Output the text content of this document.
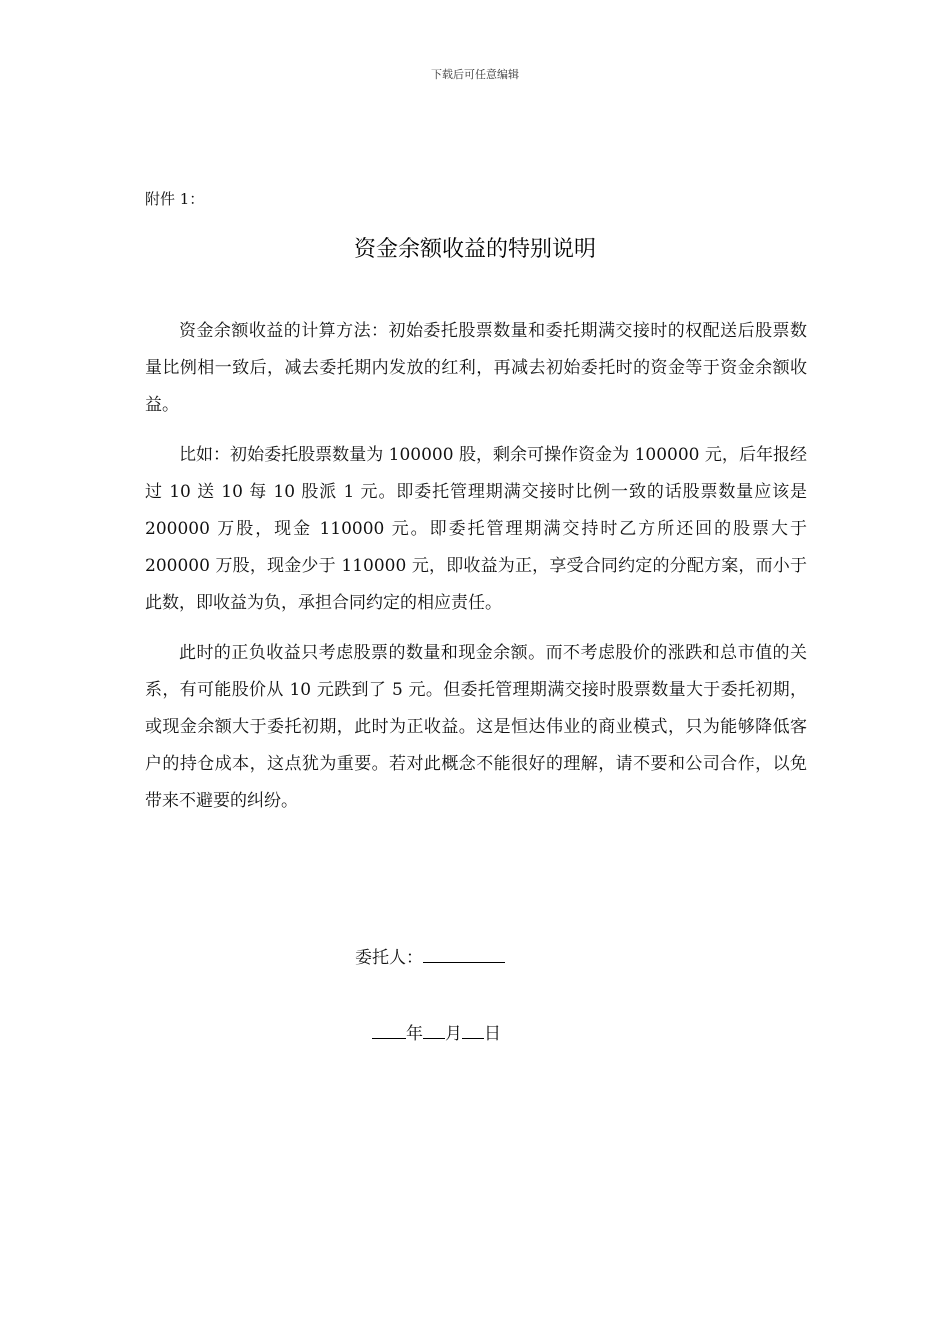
下载后可任意编辑
附件 1：
资金余额收益的特别说明

资金余额收益的计算方法：初始委托股票数量和委托期满交接时的权配送后股票数量比例相一致后，减去委托期内发放的红利，再减去初始委托时的资金等于资金余额收益。

比如：初始委托股票数量为 100000 股，剩余可操作资金为 100000 元，后年报经过 10 送 10 每 10 股派 1 元。即委托管理期满交接时比例一致的话股票数量应该是 200000 万股，现金 110000 元。即委托管理期满交持时乙方所还回的股票大于 200000 万股，现金少于 110000 元，即收益为正，享受合同约定的分配方案，而小于此数，即收益为负，承担合同约定的相应责任。

此时的正负收益只考虑股票的数量和现金余额。而不考虑股价的涨跌和总市值的关系，有可能股价从 10 元跌到了 5 元。但委托管理期满交接时股票数量大于委托初期，或现金余额大于委托初期，此时为正收益。这是恒达伟业的商业模式，只为能够降低客户的持仓成本，这点犹为重要。若对此概念不能很好的理解，请不要和公司合作，以免带来不避要的纠纷。

委托人：
年 月 日
